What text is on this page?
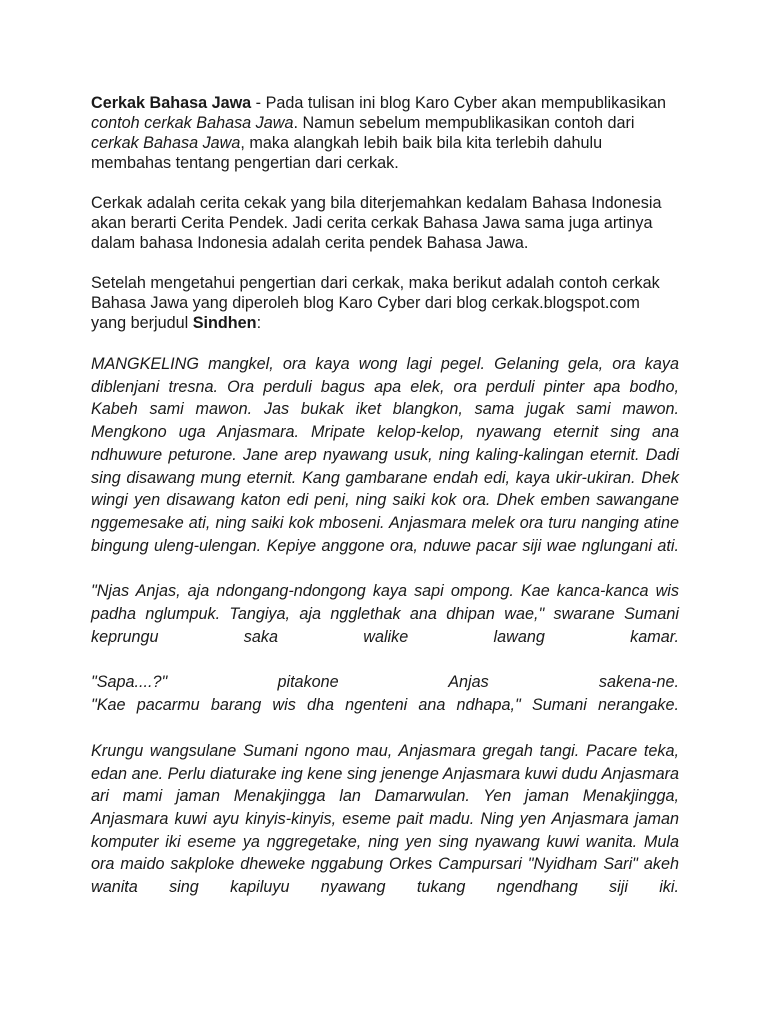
Cerkak Bahasa Jawa - Pada tulisan ini blog Karo Cyber akan mempublikasikan contoh cerkak Bahasa Jawa. Namun sebelum mempublikasikan contoh dari cerkak Bahasa Jawa, maka alangkah lebih baik bila kita terlebih dahulu membahas tentang pengertian dari cerkak.

Cerkak adalah cerita cekak yang bila diterjemahkan kedalam Bahasa Indonesia akan berarti Cerita Pendek. Jadi cerita cerkak Bahasa Jawa sama juga artinya dalam bahasa Indonesia adalah cerita pendek Bahasa Jawa.

Setelah mengetahui pengertian dari cerkak, maka berikut adalah contoh cerkak Bahasa Jawa yang diperoleh blog Karo Cyber dari blog cerkak.blogspot.com yang berjudul Sindhen:

MANGKELING mangkel, ora kaya wong lagi pegel. Gelaning gela, ora kaya diblenjani tresna. Ora perduli bagus apa elek, ora perduli pinter apa bodho, Kabeh sami mawon. Jas bukak iket blangkon, sama jugak sami mawon. Mengkono uga Anjasmara. Mripate kelop-kelop, nyawang eternit sing ana ndhuwure peturone. Jane arep nyawang usuk, ning kaling-kalingan eternit. Dadi sing disawang mung eternit. Kang gambarane endah edi, kaya ukir-ukiran. Dhek wingi yen disawang katon edi peni, ning saiki kok ora. Dhek emben sawangane nggemesake ati, ning saiki kok mboseni. Anjasmara melek ora turu nanging atine bingung uleng-ulengan. Kepiye anggone ora, nduwe pacar siji wae nglungani ati.

"Njas Anjas, aja ndongang-ndongong kaya sapi ompong. Kae kanca-kanca wis padha nglumpuk. Tangiya, aja ngglethak ana dhipan wae," swarane Sumani keprungu saka walike lawang kamar.

"Sapa....?" pitakone Anjas sakena-ne.
"Kae pacarmu barang wis dha ngenteni ana ndhapa," Sumani nerangake.

Krungu wangsulane Sumani ngono mau, Anjasmara gregah tangi. Pacare teka, edan ane. Perlu diaturake ing kene sing jenenge Anjasmara kuwi dudu Anjasmara ari mami jaman Menakjingga lan Damarwulan. Yen jaman Menakjingga, Anjasmara kuwi ayu kinyis-kinyis, eseme pait madu. Ning yen Anjasmara jaman komputer iki eseme ya nggregetake, ning yen sing nyawang kuwi wanita. Mula ora maido sakploke dheweke nggabung Orkes Campursari "Nyidham Sari" akeh wanita sing kapiluyu nyawang tukang ngendhang siji iki.
